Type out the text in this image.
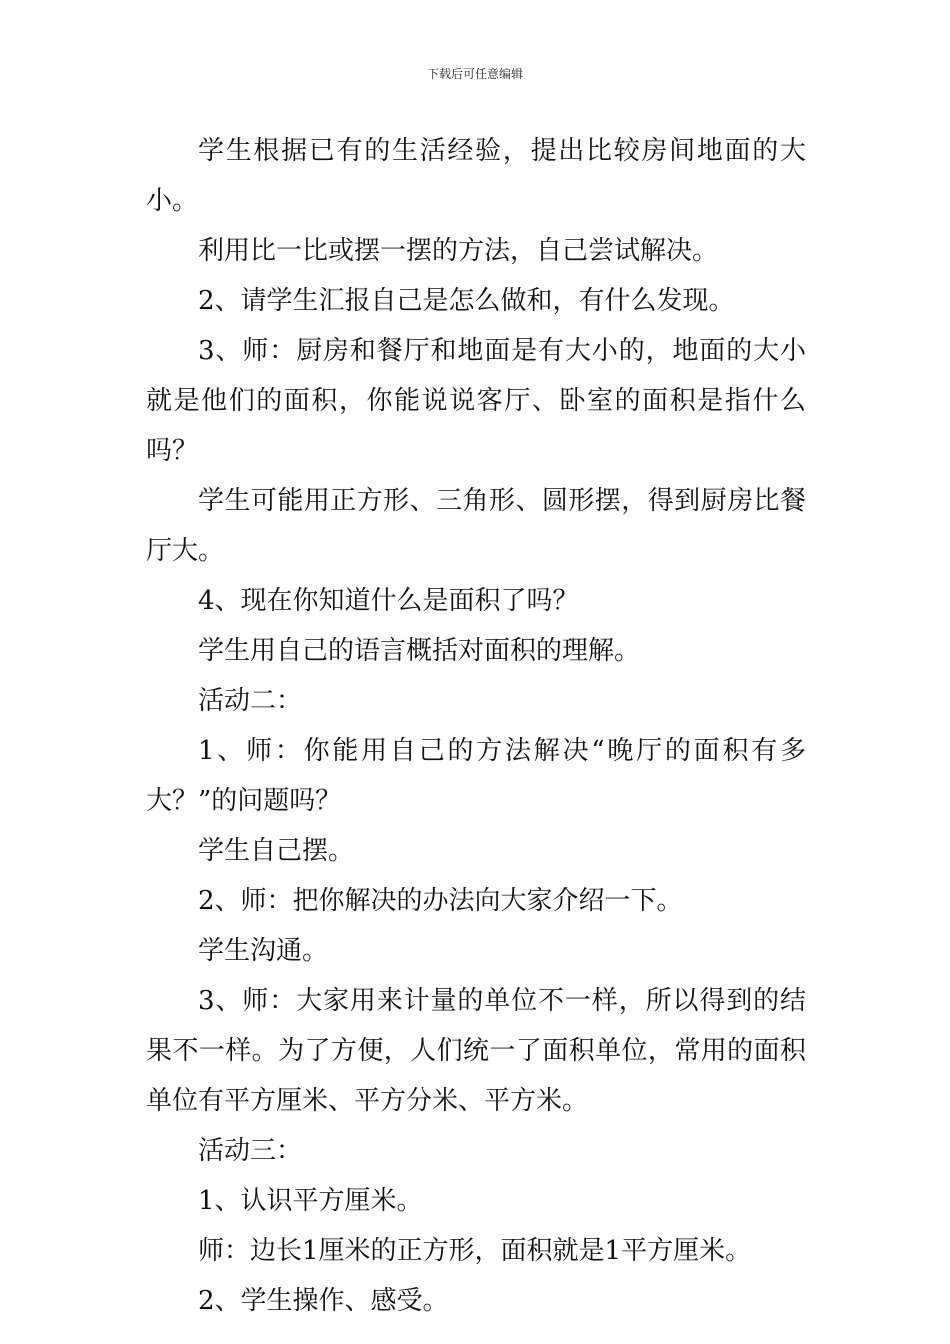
下载后可任意编辑

学生根据已有的生活经验，提出比较房间地面的大小。

利用比一比或摆一摆的方法，自己尝试解决。

2、请学生汇报自己是怎么做和，有什么发现。

3、师：厨房和餐厅和地面是有大小的，地面的大小就是他们的面积，你能说说客厅、卧室的面积是指什么吗？

学生可能用正方形、三角形、圆形摆，得到厨房比餐厅大。

4、现在你知道什么是面积了吗？

学生用自己的语言概括对面积的理解。

活动二：

1、师：你能用自己的方法解决“晚厅的面积有多大？”的问题吗？

学生自己摆。

2、师：把你解决的办法向大家介绍一下。

学生沟通。

3、师：大家用来计量的单位不一样，所以得到的结果不一样。为了方便，人们统一了面积单位，常用的面积单位有平方厘米、平方分米、平方米。

活动三：

1、认识平方厘米。

师：边长1厘米的正方形，面积就是1平方厘米。

2、学生操作、感受。
